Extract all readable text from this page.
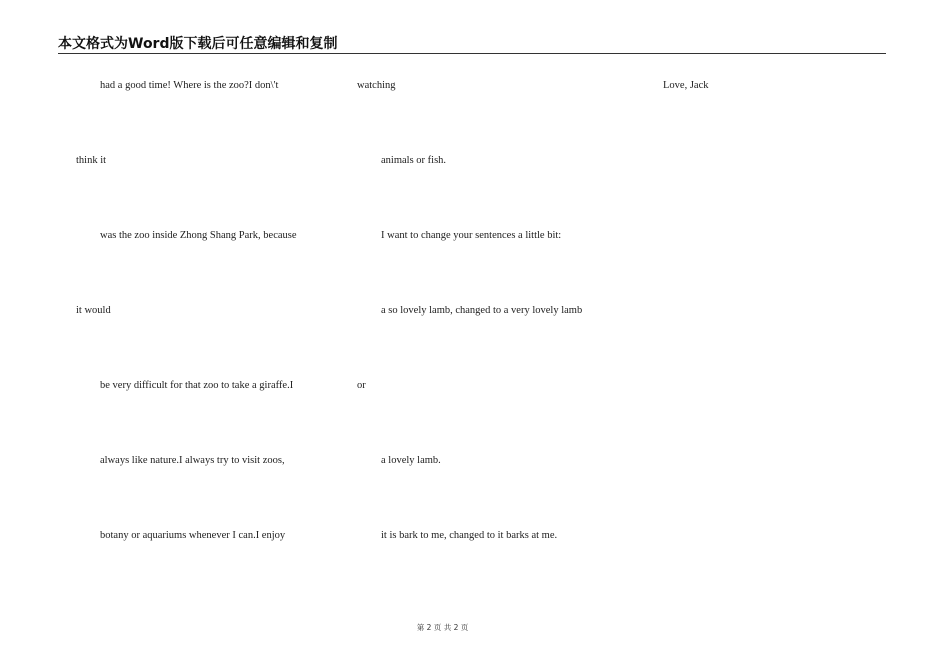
本文格式为Word版下载后可任意编辑和复制
had a good time! Where is the zoo?I don\'t
think it
was the zoo inside Zhong Shang Park, because
it would
be very difficult for that zoo to take a giraffe.I
always like nature.I always try to visit zoos,
botany or aquariums whenever I can.I enjoy
watching
animals or fish.
I want to change your sentences a little bit:
a so lovely lamb, changed to a very lovely lamb
or
a lovely lamb.
it is bark to me, changed to it barks at me.
Love, Jack
第 2 页 共 2 页
